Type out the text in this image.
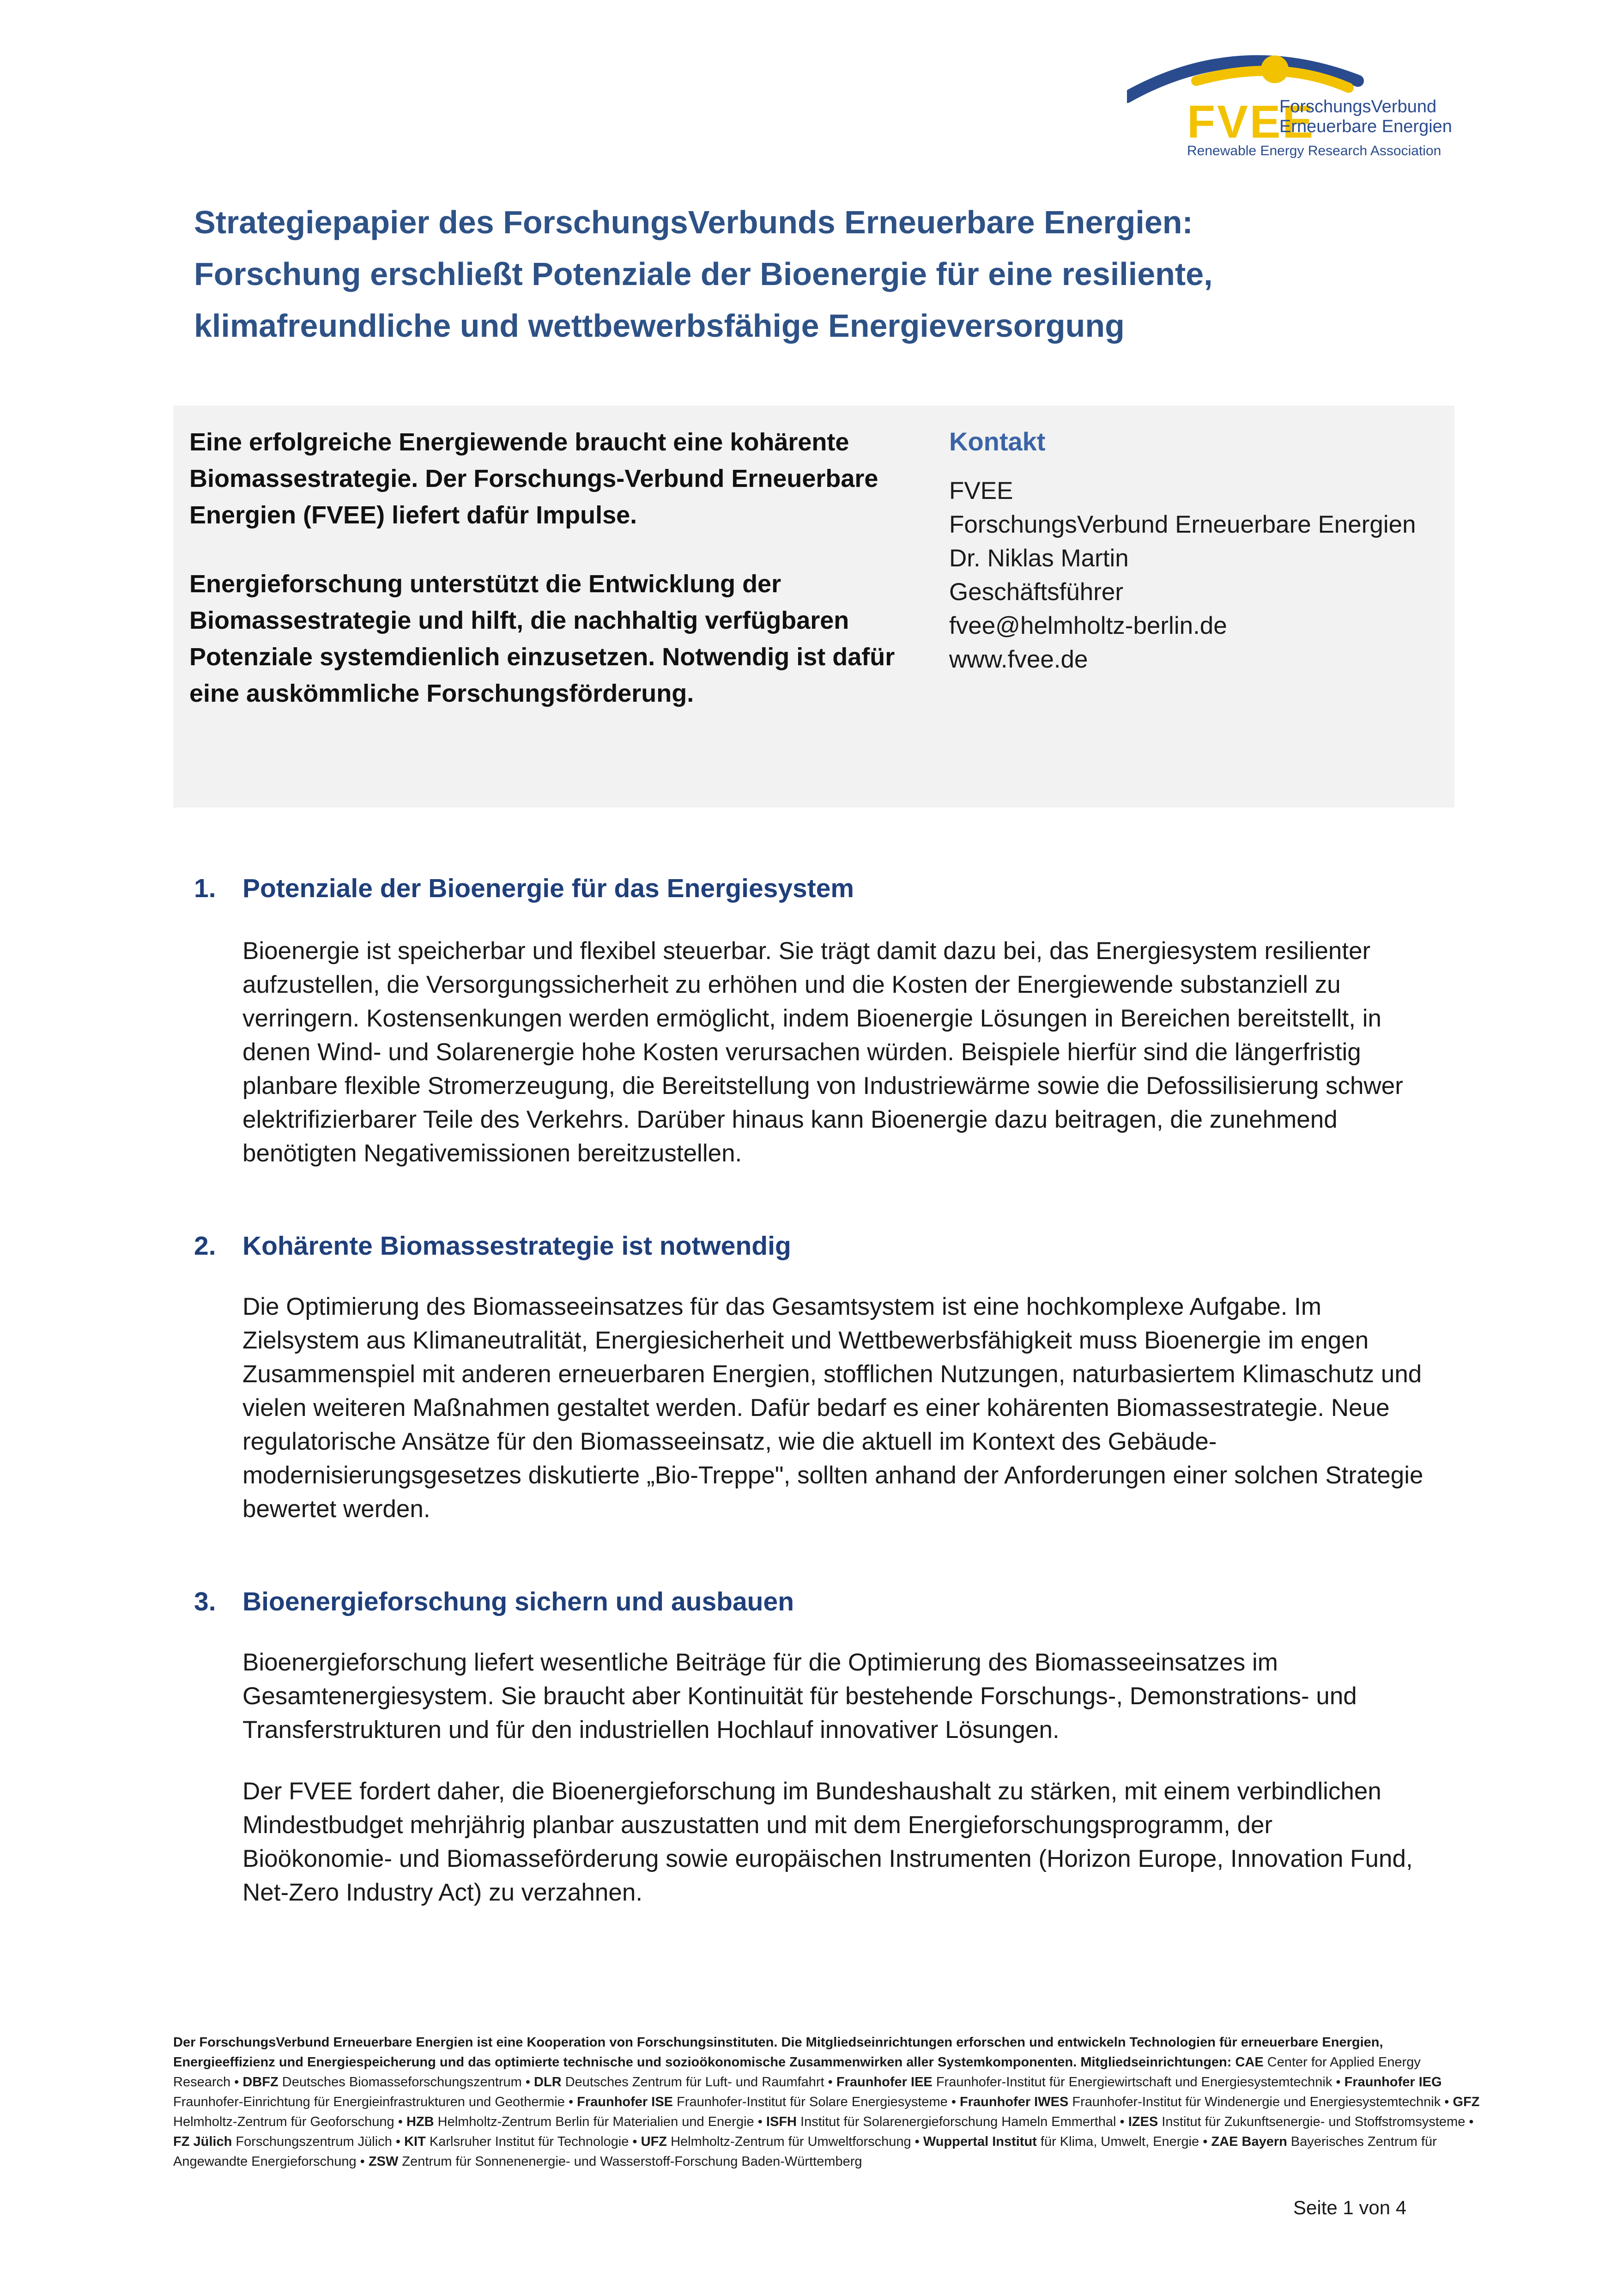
FVEE
ForschungsVerbund
Erneuerbare Energien
Renewable Energy Research Association
Strategiepapier des ForschungsVerbunds Erneuerbare Energien:
Forschung erschließt Potenziale der Bioenergie für eine resiliente,
klimafreundliche und wettbewerbsfähige Energieversorgung

Eine erfolgreiche Energiewende braucht eine kohärente Biomassestrategie. Der Forschungs-Verbund Erneuerbare Energien (FVEE) liefert dafür Impulse.

Energieforschung unterstützt die Entwicklung der Biomassestrategie und hilft, die nachhaltig verfügbaren Potenziale systemdienlich einzusetzen. Notwendig ist dafür eine auskömmliche Forschungsförderung.

Kontakt
FVEE
ForschungsVerbund Erneuerbare Energien
Dr. Niklas Martin
Geschäftsführer
fvee@helmholtz-berlin.de
www.fvee.de
1. Potenziale der Bioenergie für das Energiesystem

Bioenergie ist speicherbar und flexibel steuerbar. Sie trägt damit dazu bei, das Energiesystem resilienter aufzustellen, die Versorgungssicherheit zu erhöhen und die Kosten der Energiewende substanziell zu verringern. Kostensenkungen werden ermöglicht, indem Bioenergie Lösungen in Bereichen bereitstellt, in denen Wind- und Solarenergie hohe Kosten verursachen würden. Beispiele hierfür sind die längerfristig planbare flexible Stromerzeugung, die Bereitstellung von Industriewärme sowie die Defossilisierung schwer elektrifizierbarer Teile des Verkehrs. Darüber hinaus kann Bioenergie dazu beitragen, die zunehmend benötigten Negativemissionen bereitzustellen.

2. Kohärente Biomassestrategie ist notwendig

Die Optimierung des Biomasseeinsatzes für das Gesamtsystem ist eine hochkomplexe Aufgabe. Im Zielsystem aus Klimaneutralität, Energiesicherheit und Wettbewerbsfähigkeit muss Bioenergie im engen Zusammenspiel mit anderen erneuerbaren Energien, stofflichen Nutzungen, naturbasiertem Klimaschutz und vielen weiteren Maßnahmen gestaltet werden. Dafür bedarf es einer kohärenten Biomassestrategie. Neue regulatorische Ansätze für den Biomasseeinsatz, wie die aktuell im Kontext des Gebäude-modernisierungsgesetzes diskutierte „Bio-Treppe", sollten anhand der Anforderungen einer solchen Strategie bewertet werden.

3. Bioenergieforschung sichern und ausbauen

Bioenergieforschung liefert wesentliche Beiträge für die Optimierung des Biomasseeinsatzes im Gesamtenergiesystem. Sie braucht aber Kontinuität für bestehende Forschungs-, Demonstrations- und Transferstrukturen und für den industriellen Hochlauf innovativer Lösungen.

Der FVEE fordert daher, die Bioenergieforschung im Bundeshaushalt zu stärken, mit einem verbindlichen Mindestbudget mehrjährig planbar auszustatten und mit dem Energieforschungsprogramm, der Bioökonomie- und Biomasseförderung sowie europäischen Instrumenten (Horizon Europe, Innovation Fund, Net-Zero Industry Act) zu verzahnen.

Der ForschungsVerbund Erneuerbare Energien ist eine Kooperation von Forschungsinstituten. Die Mitgliedseinrichtungen erforschen und entwickeln Technologien für erneuerbare Energien, Energieeffizienz und Energiespeicherung und das optimierte technische und sozioökonomische Zusammenwirken aller Systemkomponenten. Mitgliedseinrichtungen: CAE Center for Applied Energy Research • DBFZ Deutsches Biomasseforschungszentrum • DLR Deutsches Zentrum für Luft- und Raumfahrt • Fraunhofer IEE Fraunhofer-Institut für Energiewirtschaft und Energiesystemtechnik • Fraunhofer IEG Fraunhofer-Einrichtung für Energieinfrastrukturen und Geothermie • Fraunhofer ISE Fraunhofer-Institut für Solare Energiesysteme • Fraunhofer IWES Fraunhofer-Institut für Windenergie und Energiesystemtechnik • GFZ Helmholtz-Zentrum für Geoforschung • HZB Helmholtz-Zentrum Berlin für Materialien und Energie • ISFH Institut für Solarenergieforschung Hameln Emmerthal • IZES Institut für Zukunftsenergie- und Stoffstromsysteme • FZ Jülich Forschungszentrum Jülich • KIT Karlsruher Institut für Technologie • UFZ Helmholtz-Zentrum für Umweltforschung • Wuppertal Institut für Klima, Umwelt, Energie • ZAE Bayern Bayerisches Zentrum für Angewandte Energieforschung • ZSW Zentrum für Sonnenenergie- und Wasserstoff-Forschung Baden-Württemberg
Seite 1 von 4
